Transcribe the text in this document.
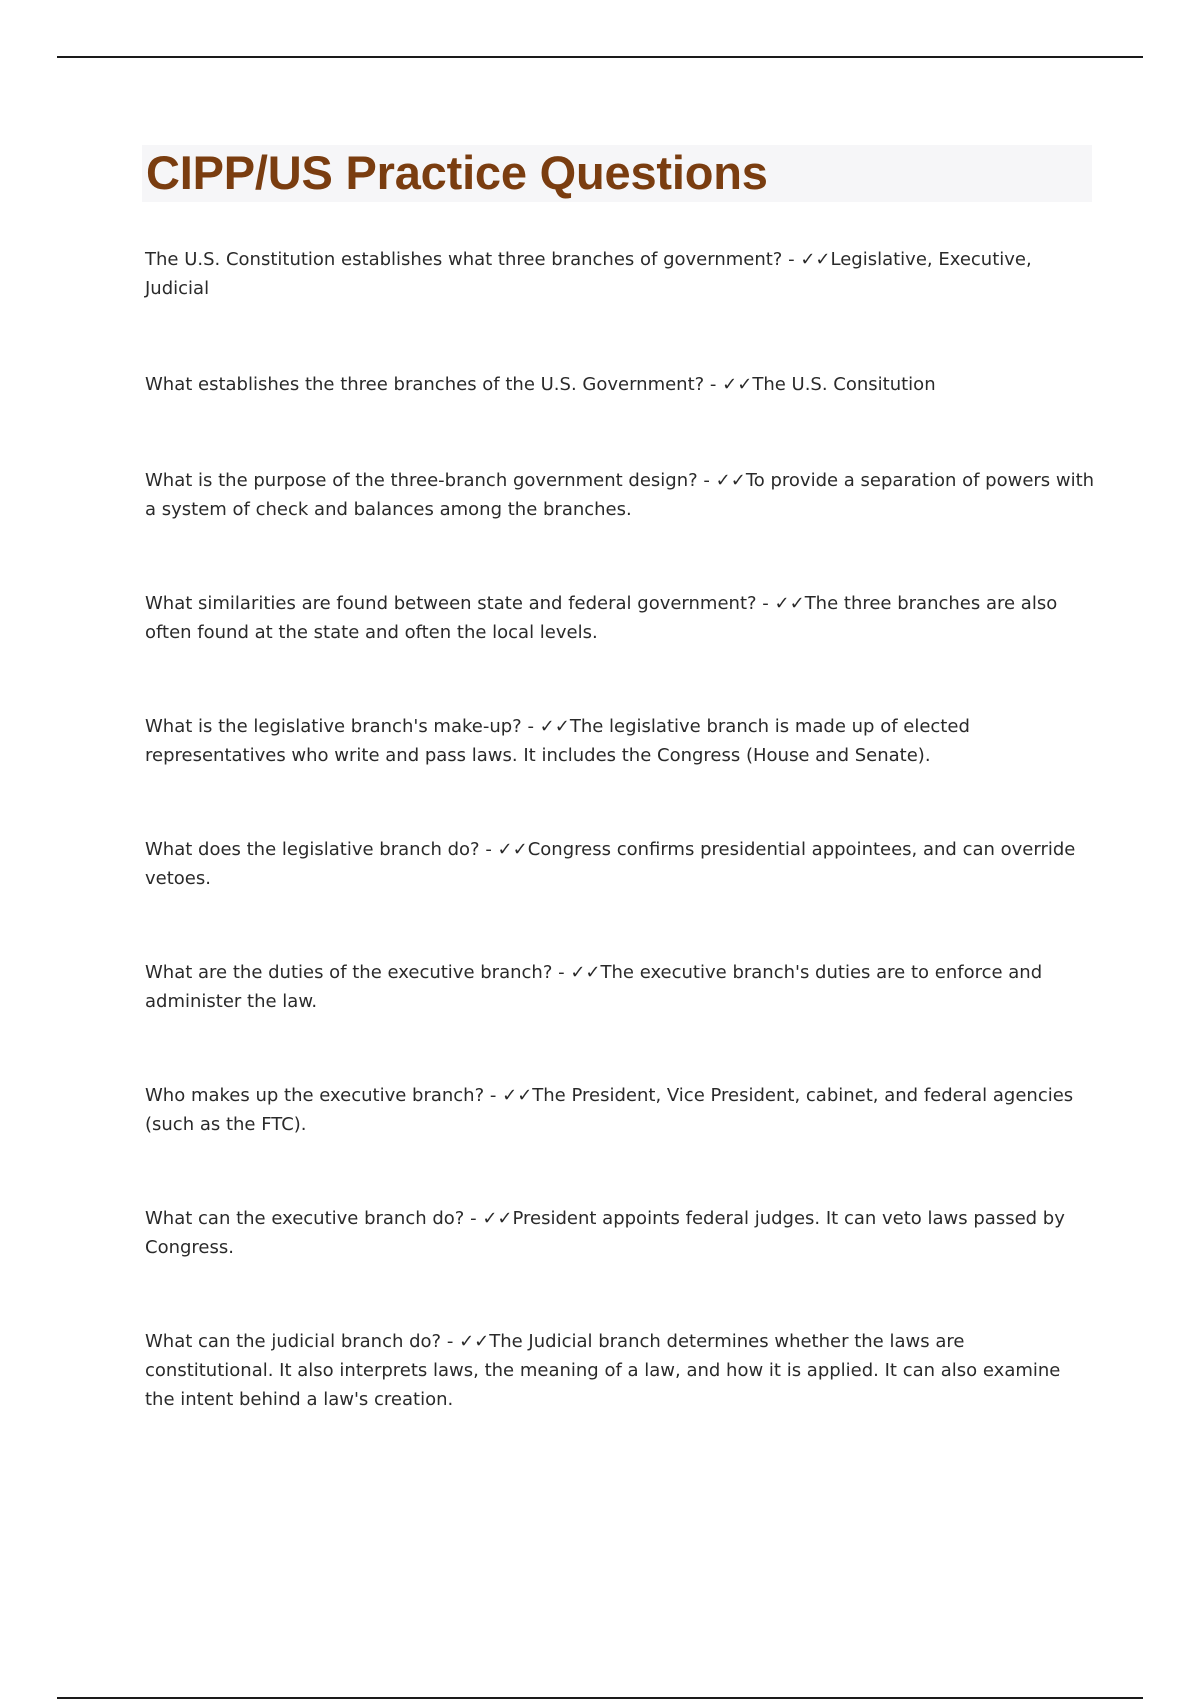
CIPP/US Practice Questions

The U.S. Constitution establishes what three branches of government? - ✓✓Legislative, Executive, Judicial

What establishes the three branches of the U.S. Government? - ✓✓The U.S. Consitution

What is the purpose of the three-branch government design? - ✓✓To provide a separation of powers with a system of check and balances among the branches.

What similarities are found between state and federal government? - ✓✓The three branches are also often found at the state and often the local levels.

What is the legislative branch's make-up? - ✓✓The legislative branch is made up of elected representatives who write and pass laws. It includes the Congress (House and Senate).

What does the legislative branch do? - ✓✓Congress confirms presidential appointees, and can override vetoes.

What are the duties of the executive branch? - ✓✓The executive branch's duties are to enforce and administer the law.

Who makes up the executive branch? - ✓✓The President, Vice President, cabinet, and federal agencies (such as the FTC).

What can the executive branch do? - ✓✓President appoints federal judges. It can veto laws passed by Congress.

What can the judicial branch do? - ✓✓The Judicial branch determines whether the laws are constitutional. It also interprets laws, the meaning of a law, and how it is applied. It can also examine the intent behind a law's creation.
